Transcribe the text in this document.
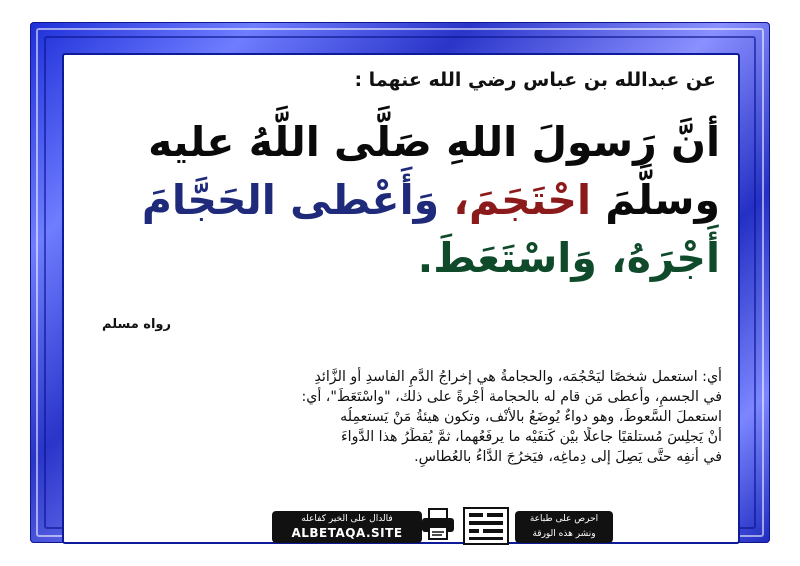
عن عبدالله بن عباس رضي الله عنهما :
أنَّ رَسولَ اللهِ صَلَّى اللَّهُ عليه
وسلَّمَ احْتَجَمَ، وَأَعْطى الحَجَّامَ
أَجْرَهُ، وَاسْتَعَطَ.
رواه مسلم

أي: استعمل شخصًا ليَحْجُمَه، والحجامةُ هي إخراجُ الدَّمِ الفاسدِ أو الزَّائدِ

في الجسمِ، وأعطى مَن قام له بالحجامة أُجْرةً على ذلك، "واسْتَعَطَ"، أي:

استعملَ السَّعوطَ، وهو دواءٌ يُوضَعُ بالأنْف، وتكون هيئةُ مَنْ يَستعمِلُه

أنْ يَجلِسَ مُستلقيًا جاعلًا بيْن كَتفَيْه ما يرفَعُهما، ثمَّ يُقطِّرُ هذا الدَّواءَ

في أنفِه حتَّى يَصِلَ إلى دِماغِه، فيَخرُجَ الدَّاءُ بالعُطاسِ.

فالدال على الخير كفاعله
ALBETAQA.SITE
احرص على طباعة
ونشر هذه الورقة
